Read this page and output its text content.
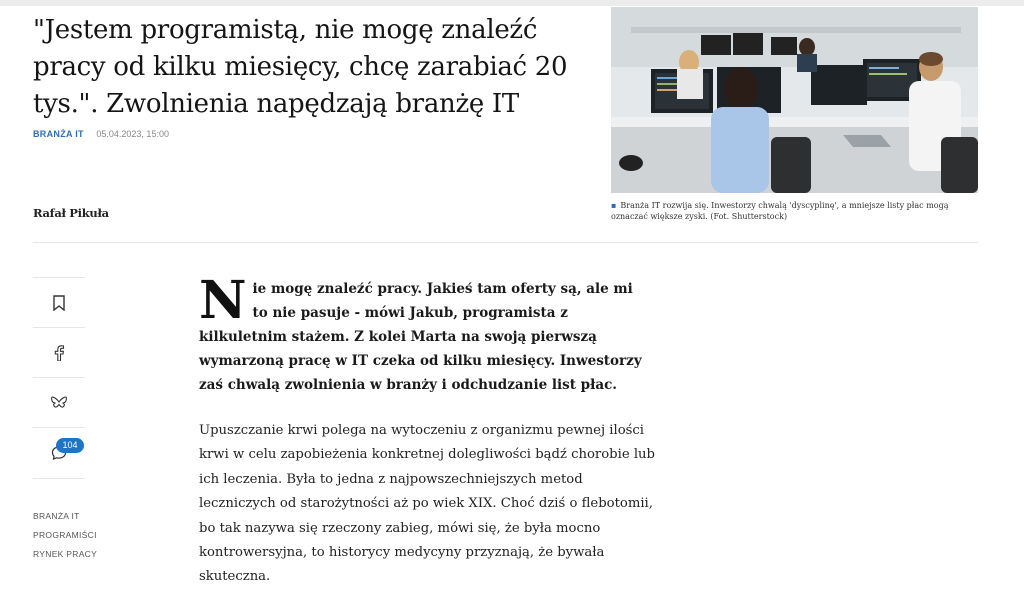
"Jestem programistą, nie mogę znaleźć pracy od kilku miesięcy, chcę zarabiać 20 tys.". Zwolnienia napędzają branżę IT
BRANŻA IT 05.04.2023, 15:00
Rafał Pikuła
▪ Branża IT rozwija się. Inwestorzy chwalą 'dyscyplinę', a mniejsze listy płac mogą oznaczać większe zyski. (Fot. Shutterstock)
104
BRANŻA IT
PROGRAMIŚCI
RYNEK PRACY

Nie mogę znaleźć pracy. Jakieś tam oferty są, ale mi to nie pasuje - mówi Jakub, programista z kilkuletnim stażem. Z kolei Marta na swoją pierwszą wymarzoną pracę w IT czeka od kilku miesięcy. Inwestorzy zaś chwalą zwolnienia w branży i odchudzanie list płac.

Upuszczanie krwi polega na wytoczeniu z organizmu pewnej ilości krwi w celu zapobieżenia konkretnej dolegliwości bądź chorobie lub ich leczenia. Była to jedna z najpowszechniejszych metod leczniczych od starożytności aż po wiek XIX. Choć dziś o flebotomii, bo tak nazywa się rzeczony zabieg, mówi się, że była mocno kontrowersyjna, to historycy medycyny przyznają, że bywała skuteczna.
